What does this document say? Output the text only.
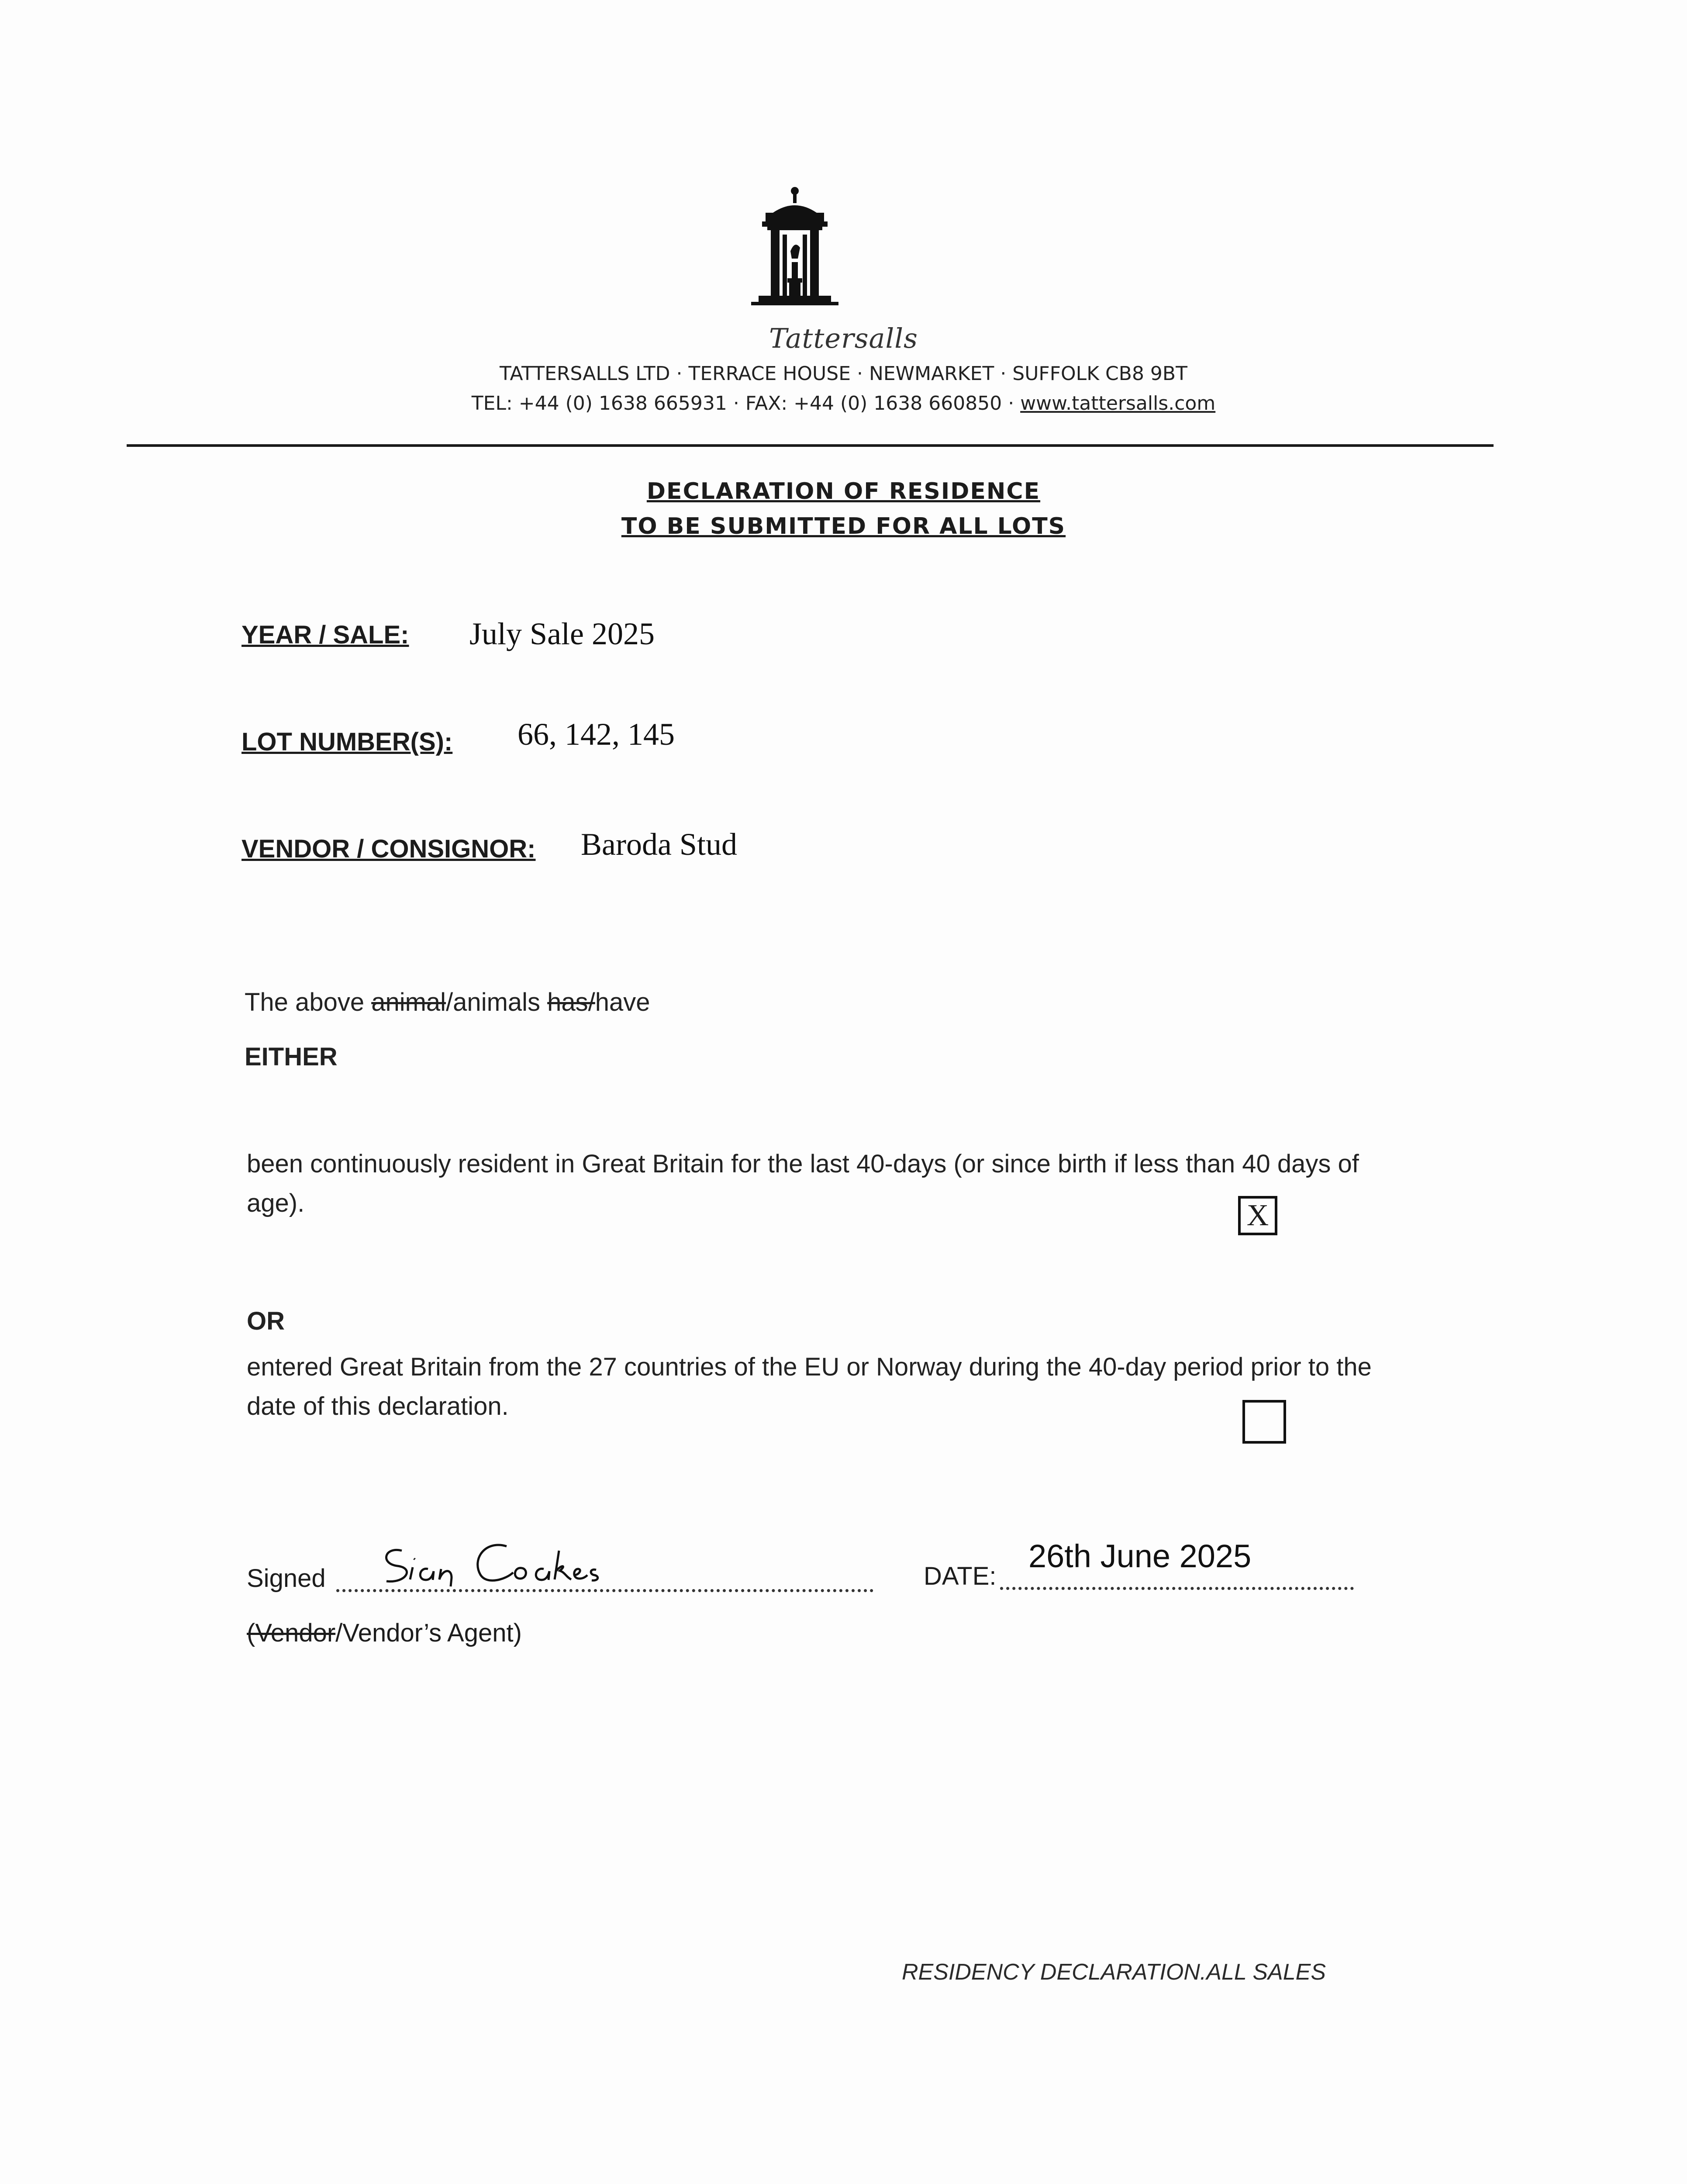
Tattersalls
TATTERSALLS LTD · TERRACE HOUSE · NEWMARKET · SUFFOLK CB8 9BT
TEL: +44 (0) 1638 665931 · FAX: +44 (0) 1638 660850 · www.tattersalls.com
DECLARATION OF RESIDENCE
TO BE SUBMITTED FOR ALL LOTS
YEAR / SALE: July Sale 2025
LOT NUMBER(S): 66, 142, 145
VENDOR / CONSIGNOR: Baroda Stud
The above animal/animals has/have
EITHER
been continuously resident in Great Britain for the last 40-days (or since birth if less than 40 days of age).	X
OR
entered Great Britain from the 27 countries of the EU or Norway during the 40-day period prior to the date of this declaration.
Signed	DATE:
26th June 2025
(Vendor/Vendor’s Agent)
RESIDENCY DECLARATION.ALL SALES
